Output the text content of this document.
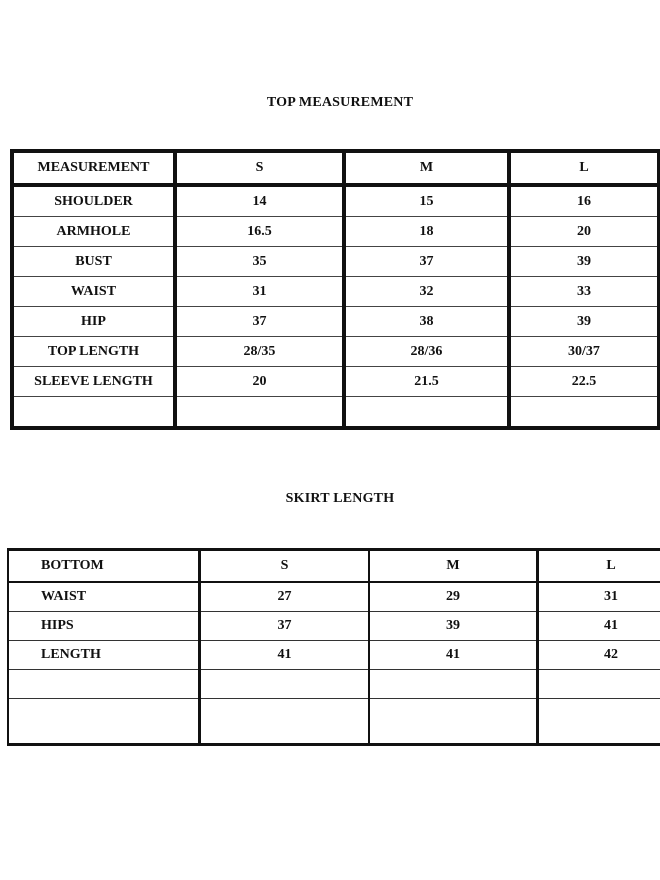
TOP MEASUREMENT
MEASUREMENT	S	M	L
SHOULDER	14	15	16
ARMHOLE	16.5	18	20
BUST	35	37	39
WAIST	31	32	33
HIP	37	38	39
TOP LENGTH	28/35	28/36	30/37
SLEEVE LENGTH	20	21.5	22.5

SKIRT LENGTH
BOTTOM	S	M	L
WAIST	27	29	31
HIPS	37	39	41
LENGTH	41	41	42
